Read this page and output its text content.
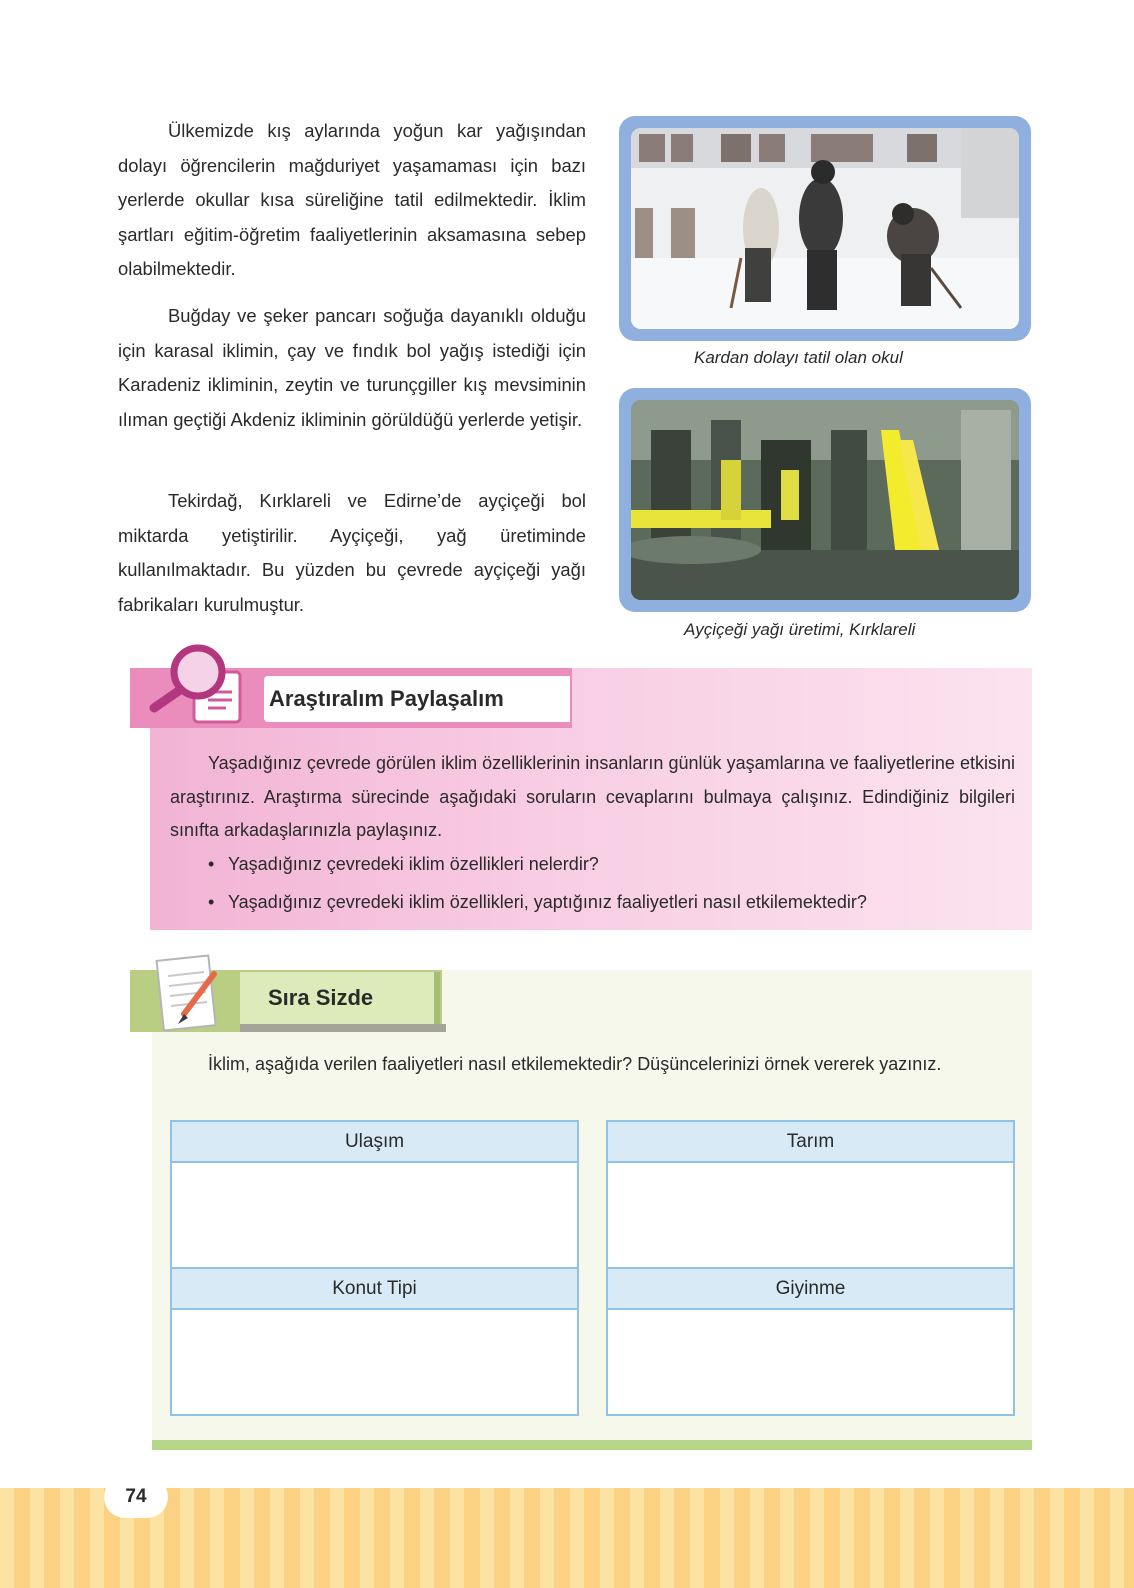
Ülkemizde kış aylarında yoğun kar yağışından dolayı öğrencilerin mağduriyet yaşamaması için bazı yerlerde okullar kısa süreliğine tatil edilmektedir. İklim şartları eğitim-öğretim faaliyetlerinin aksamasına sebep olabilmektedir.

Buğday ve şeker pancarı soğuğa dayanıklı olduğu için karasal iklimin, çay ve fındık bol yağış istediği için Karadeniz ikliminin, zeytin ve turunçgiller kış mevsiminin ılıman geçtiği Akdeniz ikliminin görüldüğü yerlerde yetişir.

Tekirdağ, Kırklareli ve Edirne’de ayçiçeği bol miktarda yetiştirilir. Ayçiçeği, yağ üretiminde kullanılmaktadır. Bu yüzden bu çevrede ayçiçeği yağı fabrikaları kurulmuştur.

Kardan dolayı tatil olan okul
Ayçiçeği yağı üretimi, Kırklareli
Araştıralım Paylaşalım

Yaşadığınız çevrede görülen iklim özelliklerinin insanların günlük yaşamlarına ve faaliyetlerine etkisini araştırınız. Araştırma sürecinde aşağıdaki soruların cevaplarını bulmaya çalışınız. Edindiğiniz bilgileri sınıfta arkadaşlarınızla paylaşınız.

• Yaşadığınız çevredeki iklim özellikleri nelerdir?
• Yaşadığınız çevredeki iklim özellikleri, yaptığınız faaliyetleri nasıl etkilemektedir?
Sıra Sizde

İklim, aşağıda verilen faaliyetleri nasıl etkilemektedir? Düşüncelerinizi örnek vererek yazınız.

Ulaşım
Konut Tipi
Tarım
Giyinme
74
